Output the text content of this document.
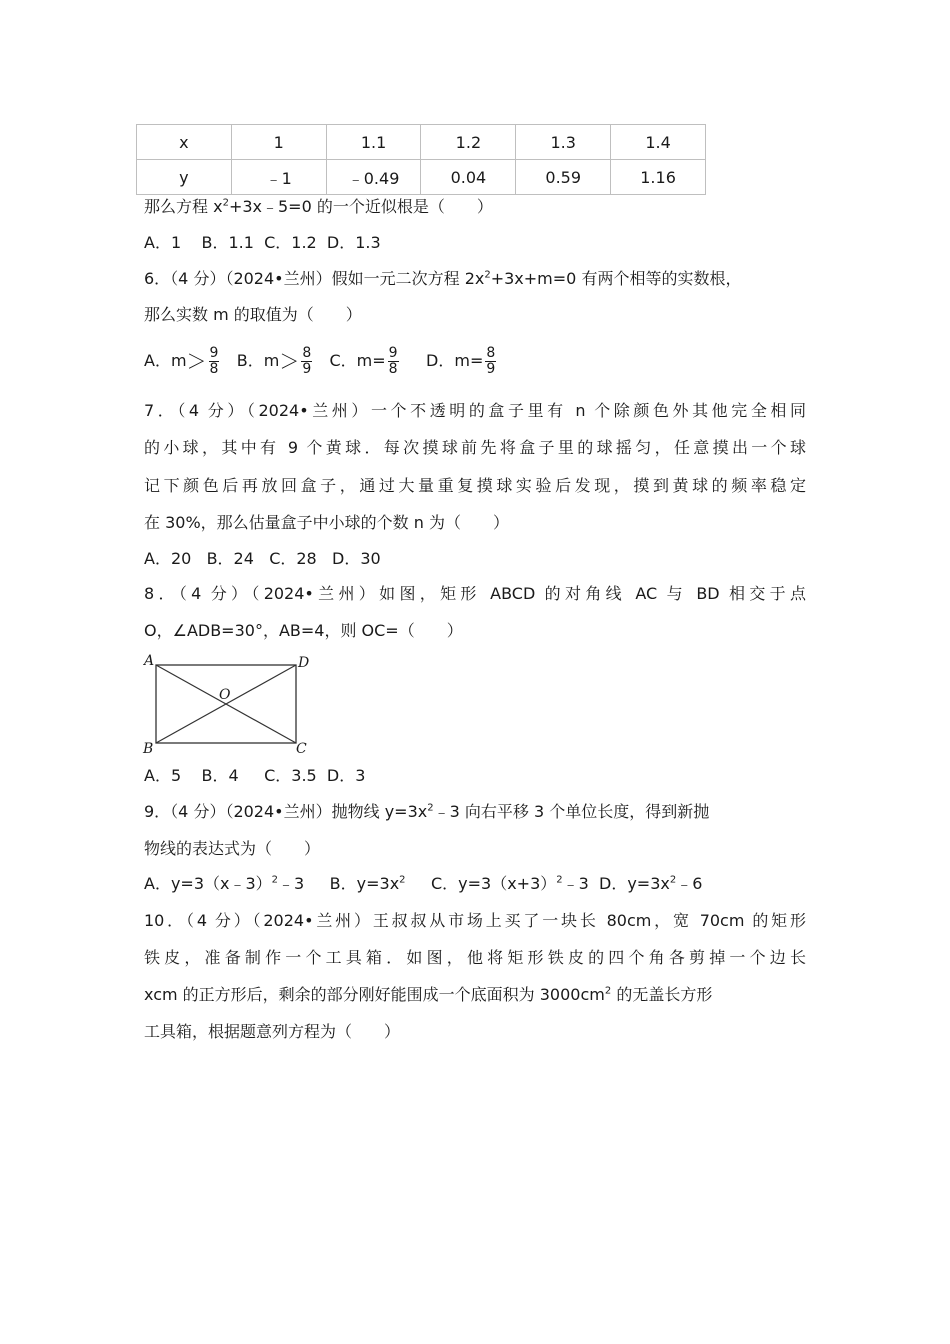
x	1	1.1	1.2	1.3	1.4
y	﹣1	﹣0.49	0.04	0.59	1.16
那么方程 $x^2+3x﹣5=0$ 的一个近似根是（　　）
A．1 B．1.1 C．1.2 D．1.3
6．（4 分）（2024•兰州）假如一元二次方程 $2x^2+3x+m=0$ 有两个相等的实数根，
那么实数 m 的取值为（　　）
A．$m> \frac{9}{8}$ B．$m> \frac{8}{9}$ C．$m= \frac{9}{8}$ D．$m= \frac{8}{9}$
7．（4 分）（2024•兰州）一个不透明的盒子里有 n 个除颜色外其他完全相同
的小球，其中有 9 个黄球．每次摸球前先将盒子里的球摇匀，任意摸出一个球
记下颜色后再放回盒子，通过大量重复摸球实验后发现，摸到黄球的频率稳定
在 30%，那么估量盒子中小球的个数 n 为（　　）
A．20 B．24 C．28 D．30
8．（4 分）（2024•兰州）如图，矩形 ABCD 的对角线 AC 与 BD 相交于点
O，∠ADB=30°，AB=4，则 OC=（　　）
A	D
B	C
O
A．5 B．4 C．3.5 D．3
9．（4 分）（2024•兰州）抛物线 $y=3x^2﹣3$ 向右平移 3 个单位长度，得到新抛
物线的表达式为（　　）
A．y=3（x﹣3）$^2$﹣3 B．$y=3x^2$ C．$y=3(x+3)^2﹣3$ D．$y=3x^2﹣6$
10．（4 分）（2024•兰州）王叔叔从市场上买了一块长 80cm，宽 70cm 的矩形
铁皮，准备制作一个工具箱．如图，他将矩形铁皮的四个角各剪掉一个边长
xcm 的正方形后，剩余的部分刚好能围成一个底面积为 $3000cm^2$ 的无盖长方形
工具箱，根据题意列方程为（　　）
